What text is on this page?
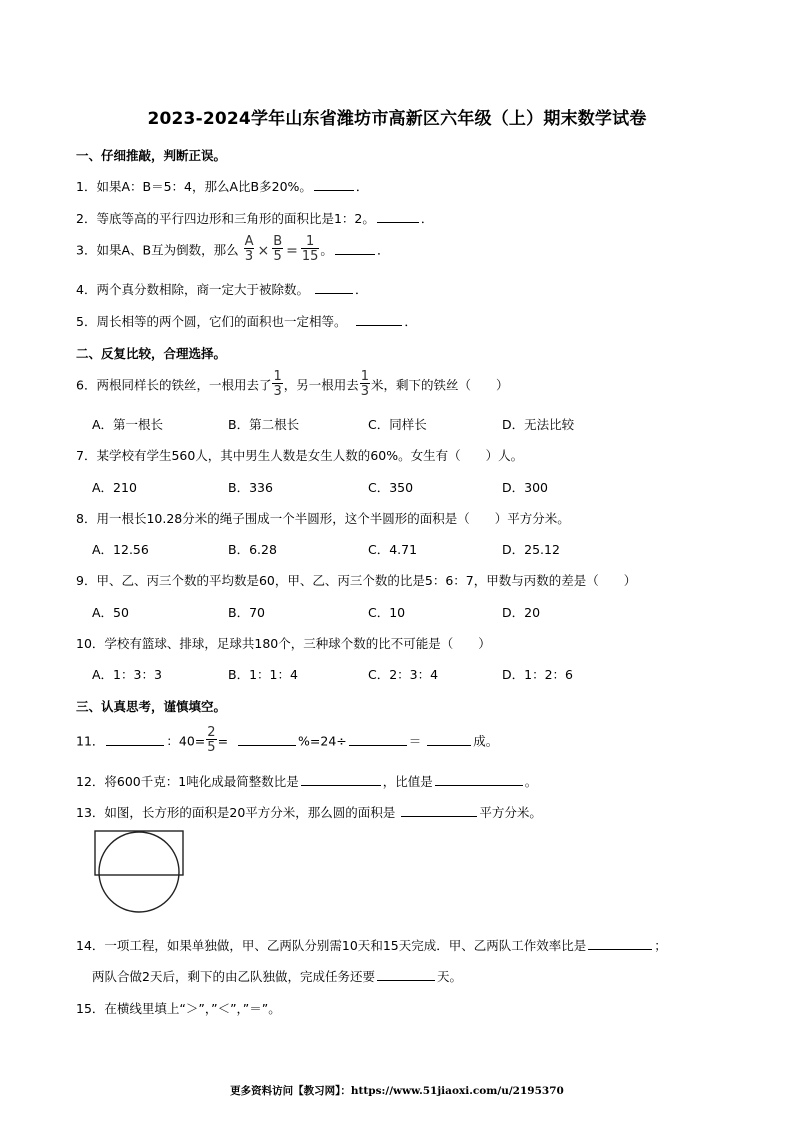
2023-2024学年山东省潍坊市高新区六年级（上）期末数学试卷
一、仔细推敲，判断正误。
1．如果A：B＝5：4，那么A比B多20%。	．
2．等底等高的平行四边形和三角形的面积比是1：2。	．
3．如果A、B互为倒数，那么 $\frac{A}{3} \times \frac{B}{5} = \frac{1}{15}$ 。	．
4．两个真分数相除，商一定大于被除数。	．
5．周长相等的两个圆，它们的面积也一定相等。	．
二、反复比较，合理选择。
6．两根同样长的铁丝，一根用去了 $\frac{1}{3}$ ，另一根用去 $\frac{1}{3}$ 米，剩下的铁丝（　　）
A．第一根长	B．第二根长	C．同样长	D．无法比较
7．某学校有学生560人，其中男生人数是女生人数的60%。女生有（　　）人。
A．210	B．336	C．350	D．300
8．用一根长10.28分米的绳子围成一个半圆形，这个半圆形的面积是（　　）平方分米。
A．12.56	B．6.28	C．4.71	D．25.12
9．甲、乙、丙三个数的平均数是60，甲、乙、丙三个数的比是5：6：7，甲数与丙数的差是（　　）
A．50	B．70	C．10	D．20
10．学校有篮球、排球，足球共180个，三种球个数的比不可能是（　　）
A．1：3：3	B．1：1：4	C．2：3：4	D．1：2：6
三、认真思考，谨慎填空。
11．	：$40= \frac{2}{5}$ =	%=24÷	＝	成。
12．将600千克：1吨化成最简整数比是	，比值是	。
13．如图，长方形的面积是20平方分米，那么圆的面积是	平方分米。
14．一项工程，如果单独做，甲、乙两队分别需10天和15天完成．甲、乙两队工作效率比是	；
两队合做2天后，剩下的由乙队独做，完成任务还要	天。
15．在横线里填上“＞”，”＜”，”＝”。
更多资料访问【教习网】：https://www.51jiaoxi.com/u/2195370
